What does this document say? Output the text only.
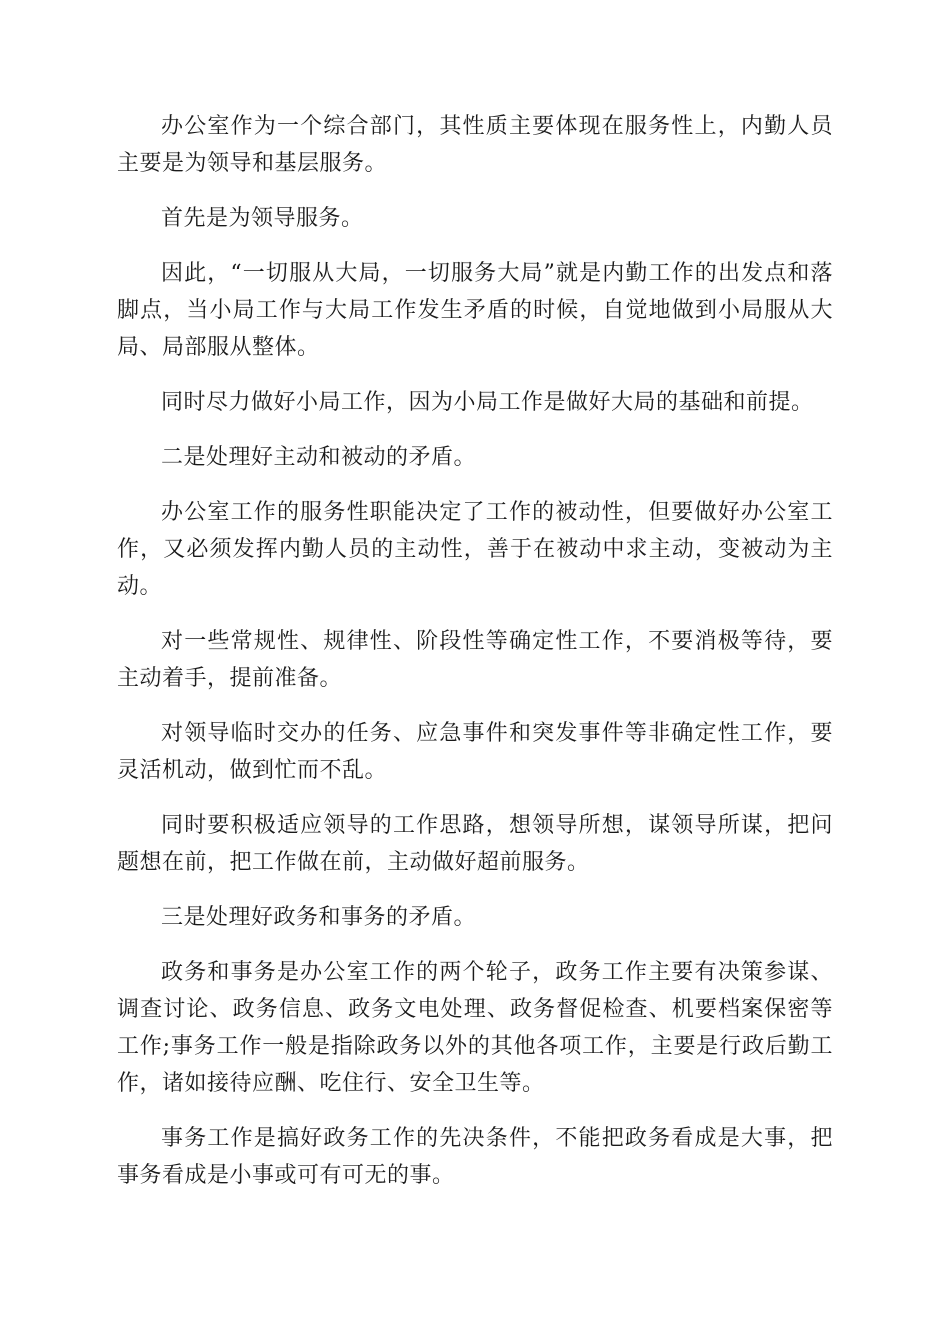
办公室作为一个综合部门，其性质主要体现在服务性上，内勤人员主要是为领导和基层服务。

首先是为领导服务。

因此，“一切服从大局，一切服务大局”就是内勤工作的出发点和落脚点，当小局工作与大局工作发生矛盾的时候，自觉地做到小局服从大局、局部服从整体。

同时尽力做好小局工作，因为小局工作是做好大局的基础和前提。

二是处理好主动和被动的矛盾。

办公室工作的服务性职能决定了工作的被动性，但要做好办公室工作，又必须发挥内勤人员的主动性，善于在被动中求主动，变被动为主动。

对一些常规性、规律性、阶段性等确定性工作，不要消极等待，要主动着手，提前准备。

对领导临时交办的任务、应急事件和突发事件等非确定性工作，要灵活机动，做到忙而不乱。

同时要积极适应领导的工作思路，想领导所想，谋领导所谋，把问题想在前，把工作做在前，主动做好超前服务。

三是处理好政务和事务的矛盾。

政务和事务是办公室工作的两个轮子，政务工作主要有决策参谋、调查讨论、政务信息、政务文电处理、政务督促检查、机要档案保密等工作;事务工作一般是指除政务以外的其他各项工作，主要是行政后勤工作，诸如接待应酬、吃住行、安全卫生等。

事务工作是搞好政务工作的先决条件，不能把政务看成是大事，把事务看成是小事或可有可无的事。
